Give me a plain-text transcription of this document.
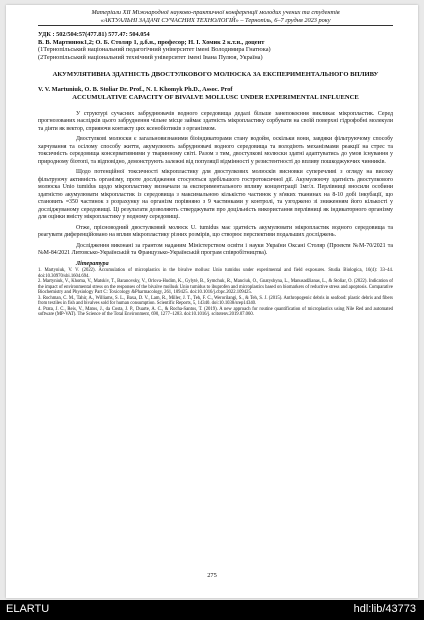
Матеріали ХІІ Міжнародної науково-практичної конференції молодих учених та студентів
«АКТУАЛЬНІ ЗАДАЧІ СУЧАСНИХ ТЕХНОЛОГІЙ» – Тернопіль, 6–7 грудня 2023 року
УДК : 502/504:57(477.81) 577.47: 504.054
В. В. Мартинюк1,2; О. Б. Столяр 1, д.б.н., професор; Н. І. Хомик 2 к.т.н., доцент
(1Тернопільський національний педагогічний університет імені Володимира Гнатюка)
(2Тернопільський національний технічний університет імені Івана Пулюя, Україна)
АКУМУЛЯТИВНА ЗДАТНІСТЬ ДВОСТУЛКОВОГО МОЛЮСКА ЗА ЕКСПЕРИМЕНТАЛЬНОГО ВПЛИВУ
V. V. Martuniuk, O. B. Stoliar Dr. Prof., N. I. Khomyk Ph.D., Assoc. Prof
ACCUMULATIVE CAPACITY OF BIVALVE MOLLUSC UNDER EXPERIMENTAL INFLUENCE

У структурі сучасних забруднювачів водного середовища дедалі більше занепокоєння викликає мікропластик. Серед прогнозованих наслідків цього забруднення чільне місце займає здатність мікропластику сорбувати на своїй поверхні гідрофобні молекули та діяти як вектор, сприяючи контакту цих ксенобіотиків з організмом.

Двостулкові молюски є загальновизнаними біоіндикаторами стану водойм, оскільки вони, завдяки фільтруючому способу харчування та осілому способу життя, акумулюють забруднювачі водного середовища та володіють механізмами реакції на стрес та токсичність середовища консервативними у тваринному світі. Разом з тим, двостулкові молюски здатні адаптуватись до умов існування у природному біотопі, та відповідно, демонструють залежні від популяції відмінності у резистентності до впливу пошкоджуючих чинників.

Щодо потенційної токсичності мікропластику для двостулкових молюсків висновки суперечливі з огляду на високу фільтруючу активність організму, проте дослідження стосуються здебільшого гостротоксичної дії. Акумулюючу здатність двостулкового молюска Unio tumidus щодо мікропластику визначали за експериментального впливу концентрації 1мг/л. Перлівниці вносили особини здатністю акумулювати мікропластик із середовища з максимальною кількістю частинок у м'яких тканинах на 8-10 добі інкубації, що становить ≈350 частинок з розрахунку на організм порівняно з 9 частинками у контролі, та узгоджено зі зниженням його кількості у досліджуваному середовищі. Ці результати дозволяють стверджувати про доцільність використання перлівниці як індикаторного організму для оцінки вмісту мікропластику у водному середовищі.

Отже, прісноводний двостулковий молюск U. tumidus має здатність акумулювати мікропластик водного середовища та реагувати диференційовано на вплив мікропластику різних розмірів, що створює перспективи подальших досліджень.

Дослідження виконані за грантом наданим Міністерством освіти і науки України Оксані Столяр (Проекти №М-70/2021 та №М-84/2021 Литовсько-Українській та Французько-Українській програм співробітництва).

Література
1. Martyniuk, V. V. (2022). Accumulation of microplastics in the bivalve mollusc Unio tumidus under experimental and field exposures. Studia Biologica, 16(4): 33–44. doi:10.30970/sbi.1604.694.
2. Martyniuk, V., Khoma, V., Matskiv, T., Baranovsky, V., Orlova-Hudim, K., Gylytė, B., Symchuk, R., Manciuk, O., Gnatyshyna, L., Manusadžianas, L., & Stoliar, O. (2022). Indication of the impact of environmental stress on the responses of the bivalve mollusk Unio tumidus to ibuprofen and microplastics based on biomarkers of reductive stress and apoptosis. Comparative Biochemistry and Physiology Part C: Toxicology &Pharmacology, 261, 109425. doi:10.1016/j.cbpc.2022.109425.
3. Rochman, C. M., Tahir, A., Williams, S. L., Baxa, D. V., Lam, R., Miller, J. T., Teh, F. C., Werorilangi, S., & Teh, S. J. (2015). Anthropogenic debris in seafood: plastic debris and fibers from textiles in fish and bivalves sold for human consumption. Scientific Reports, 5, 14340. doi:10.1038/srep14340.
4. Prata, J. C., Reis, V., Matos, J., da Costa, J. P., Duarte, A. C., & Rocha-Santos, T. (2019). A new approach for routine quantification of microplastics using Nile Red and automated software (MP-VAT). The Science of the Total Environment, 690, 1277–1283. doi:10.1016/j. scitotenv.2019.07.060.
275
ELARTU	hdl:lib/43773
